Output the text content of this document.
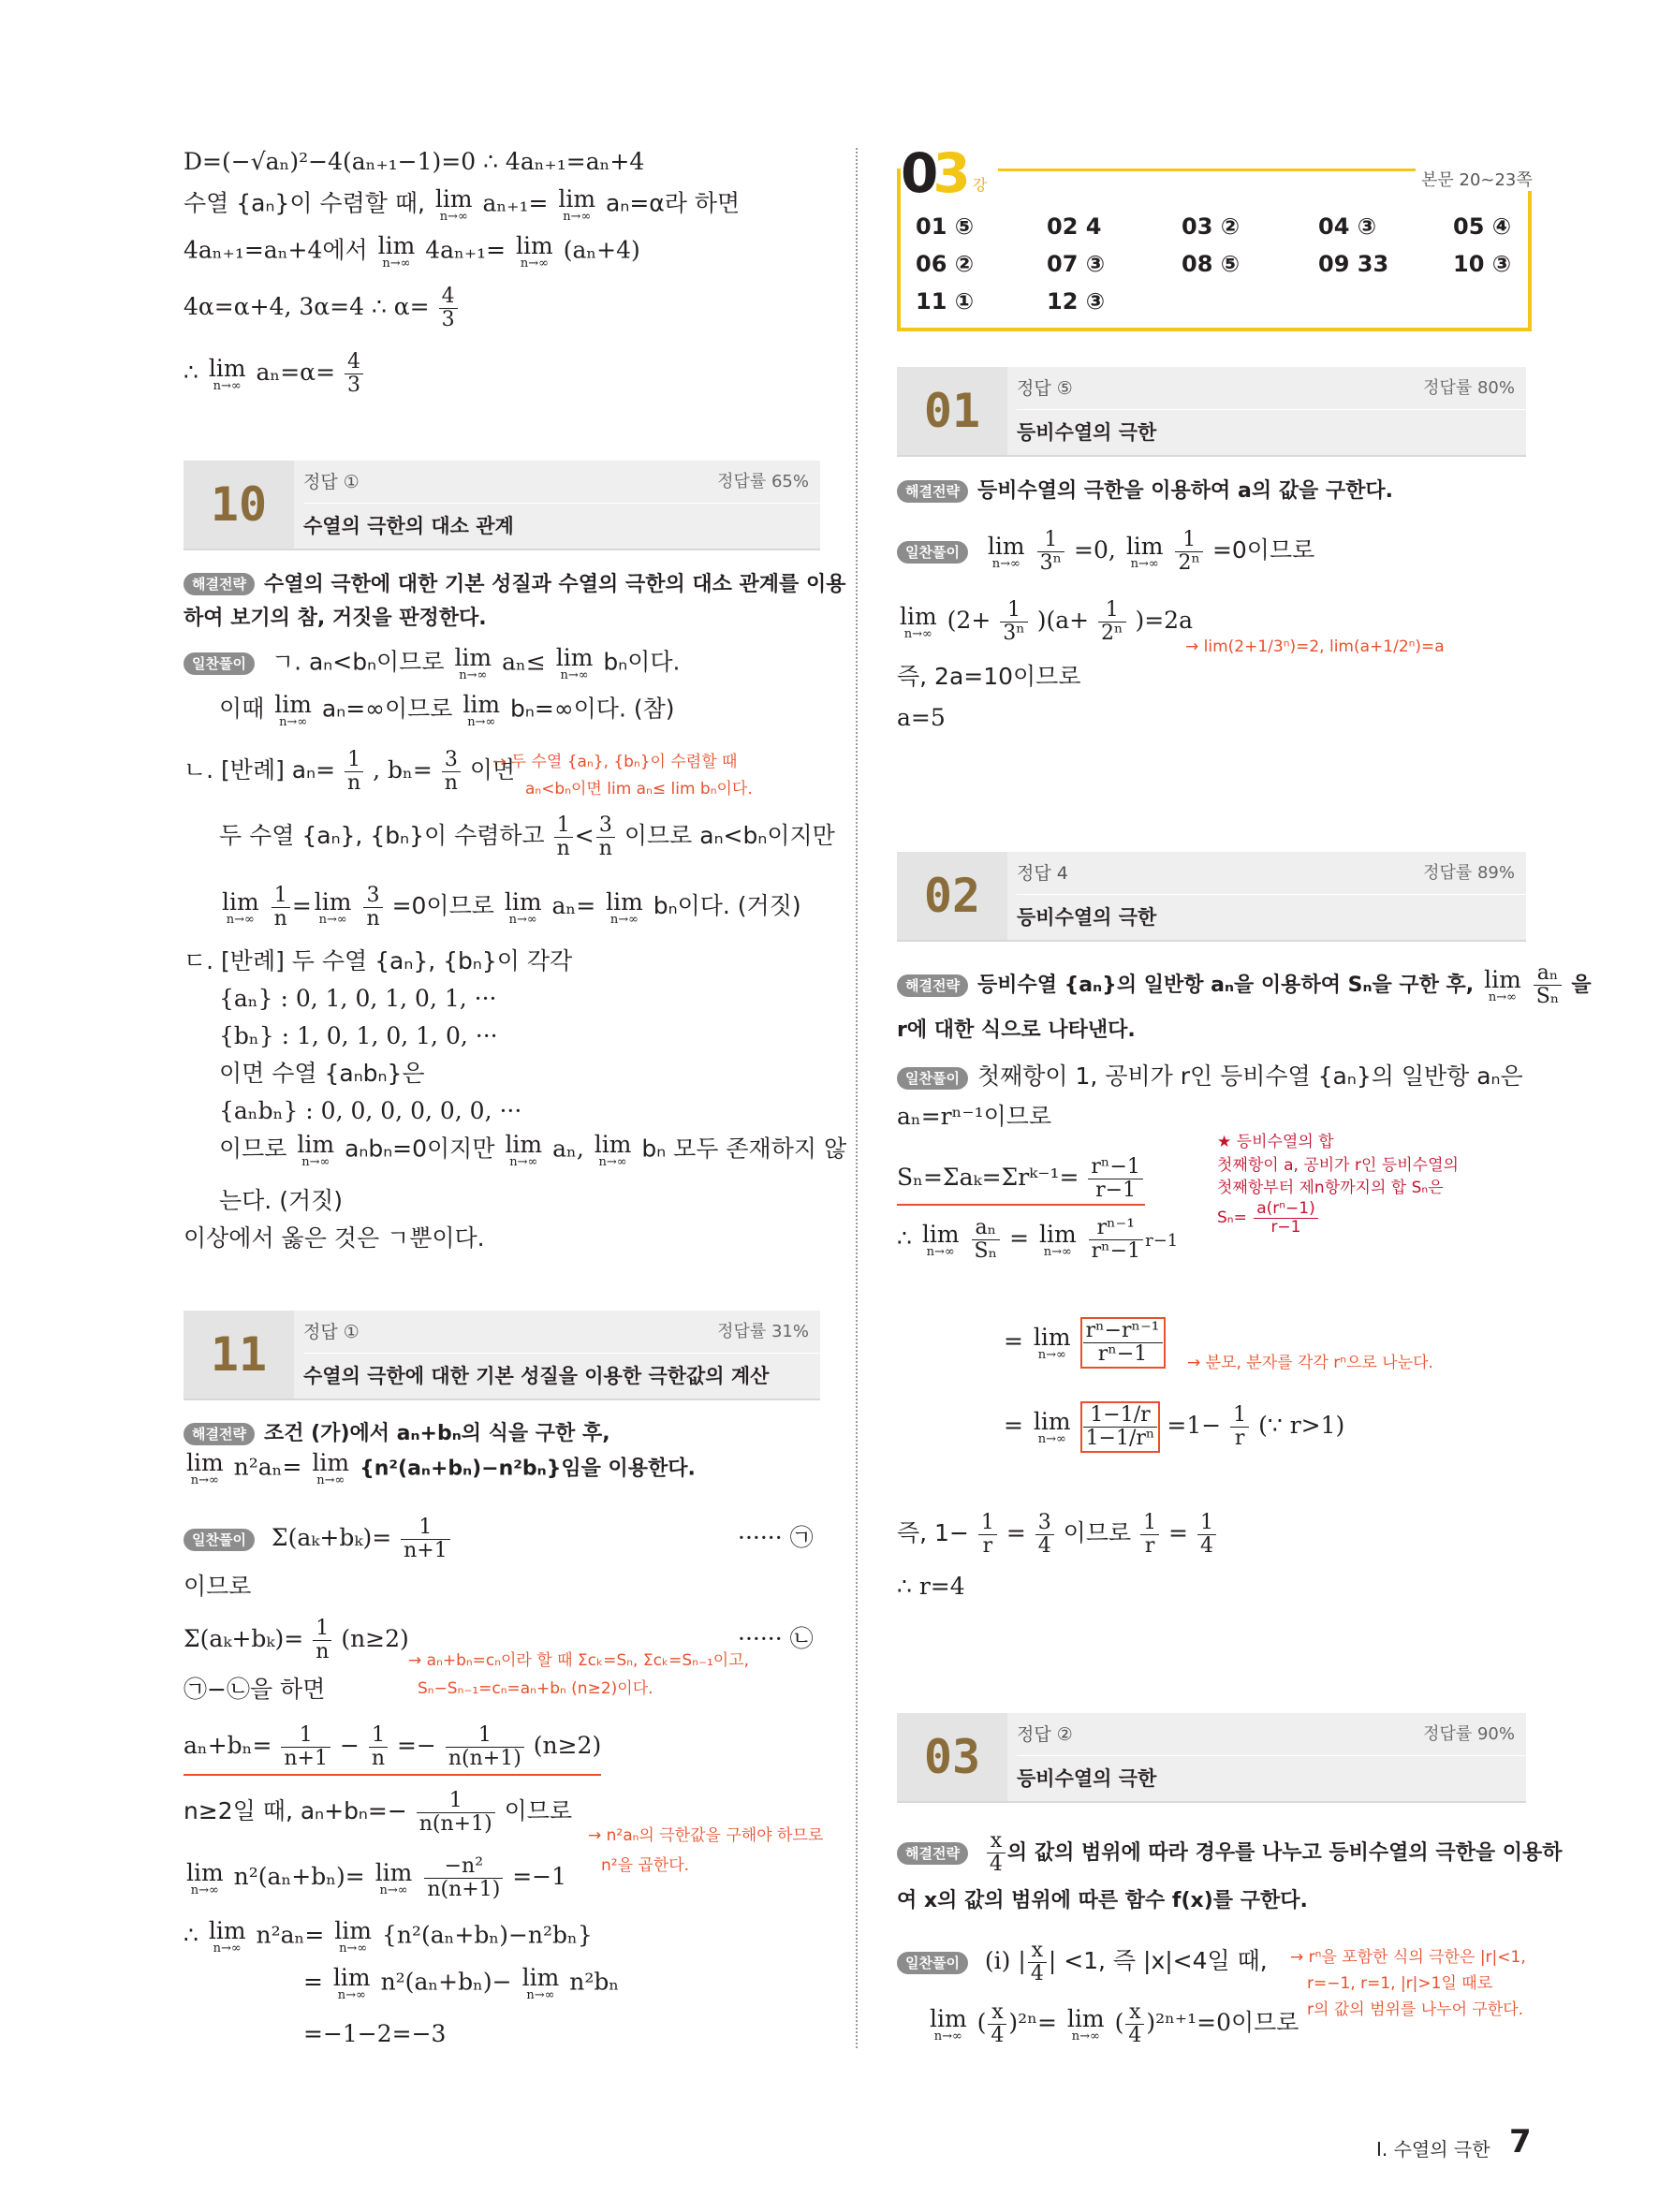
D=(−√aₙ)²−4(aₙ₊₁−1)=0 ∴ 4aₙ₊₁=aₙ+4
수열 {aₙ}이 수렴할 때, lim
n→∞ aₙ₊₁= lim
n→∞ aₙ=α라 하면
4aₙ₊₁=aₙ+4에서 lim
n→∞ 4aₙ₊₁= lim
n→∞ (aₙ+4)
4α=α+4, 3α=4 ∴ $\alpha= \frac{4}{3}$
∴ lim
n→∞ $a_n=\alpha= \frac{4}{3}$
10	정답 ①	정답률 65%
수열의 극한의 대소 관계
해결전략 수열의 극한에 대한 기본 성질과 수열의 극한의 대소 관계를 이용
하여 보기의 참, 거짓을 판정한다.
일찬풀이 ㄱ. aₙ<bₙ이므로 lim
n→∞ aₙ≤ lim
n→∞ bₙ이다.
이때 lim
n→∞ aₙ=∞이므로 lim
n→∞ bₙ=∞이다. (참)
ㄴ. [반례] $a_n= \frac{1}{n}$ , $b_n= \frac{3}{n}$ 이면
→ 두 수열 {aₙ}, {bₙ}이 수렴할 때
aₙ<bₙ이면 lim aₙ≤ lim bₙ이다.
두 수열 {aₙ}, {bₙ}이 수렴하고 $\frac{1}{n} < \frac{3}{n}$ 이므로 aₙ<bₙ이지만
lim
n→∞
$\frac{1}{n} = \lim$
n→∞
$\frac{3}{n} =0$이므로 lim
n→∞ aₙ= lim
n→∞ bₙ이다. (거짓)
ㄷ. [반례] 두 수열 {aₙ}, {bₙ}이 각각
{aₙ} : 0, 1, 0, 1, 0, 1, ···
{bₙ} : 1, 0, 1, 0, 1, 0, ···
이면 수열 {aₙbₙ}은
{aₙbₙ} : 0, 0, 0, 0, 0, 0, ···
이므로 lim
n→∞ aₙbₙ=0이지만 lim
n→∞ aₙ, lim
n→∞ bₙ 모두 존재하지 않
는다. (거짓)
이상에서 옳은 것은 ㄱ뿐이다.
11	정답 ①	정답률 31%
수열의 극한에 대한 기본 성질을 이용한 극한값의 계산
해결전략 조건 (가)에서 aₙ+bₙ의 식을 구한 후,
lim
n→∞ n²aₙ= lim
n→∞ {n²(aₙ+bₙ)−n²bₙ}임을 이용한다.
일찬풀이 $\Sigma(a_k+b_k)= \frac{1}{n+1}$	······ ㉠
이므로
$\Sigma(a_k+b_k)= \frac{1}{n} (n\ge 2)$	······ ㉡
→ aₙ+bₙ=cₙ이라 할 때 Σcₖ=Sₙ, Σcₖ=Sₙ₋₁이고,
㉠−㉡을 하면	Sₙ−Sₙ₋₁=cₙ=aₙ+bₙ (n≥2)이다.
$a_n+b_n= \frac{1}{n+1} - \frac{1}{n} =- \frac{1}{n(n+1)} (n\ge 2)$
n≥2일 때, $a_n+b_n=- \frac{1}{n(n+1)}$ 이므로
→ n²aₙ의 극한값을 구해야 하므로
n²을 곱한다.
lim
n→∞ n²(aₙ+bₙ)= lim
n→∞
$\frac{\text{−n²}}{n(n+1)} =-1$
∴ lim
n→∞ n²aₙ= lim
n→∞ {n²(aₙ+bₙ)−n²bₙ}
= lim
n→∞ n²(aₙ+bₙ)− lim
n→∞ n²bₙ
=−1−2=−3
0
3 강	본문 20~23쪽
01 ⑤	02 4	03 ②	04 ③	05 ④
06 ②	07 ③	08 ⑤	09 33	10 ③
11 ①	12 ③
01	정답 ⑤	정답률 80%
등비수열의 극한
해결전략 등비수열의 극한을 이용하여 a의 값을 구한다.
일찬풀이 lim
n→∞
$\frac{1}{\text{3ⁿ}} =0$, lim
n→∞
$\frac{1}{\text{2ⁿ}} =0$이므로
lim
n→∞ $(2+ \frac{1}{\text{3ⁿ}} )(a+ \frac{1}{\text{2ⁿ}} )=2a$
→ lim(2+1/3ⁿ)=2, lim(a+1/2ⁿ)=a
즉, 2a=10이므로
a=5
02	정답 4	정답률 89%
등비수열의 극한
해결전략 등비수열 {aₙ}의 일반항 aₙ을 이용하여 Sₙ을 구한 후, lim
n→∞
$\frac{\text{aₙ}}{\text{Sₙ}}$ 을
r에 대한 식으로 나타낸다.
일찬풀이 첫째항이 1, 공비가 r인 등비수열 {aₙ}의 일반항 aₙ은
aₙ=rⁿ⁻¹이므로
Sₙ=Σaₖ=Σrᵏ⁻¹= $\frac{\text{rⁿ−1}}{r-1}$
★ 등비수열의 합
첫째항이 a, 공비가 r인 등비수열의
첫째항부터 제n항까지의 합 Sₙ은
$S_n= \frac{\text{a(rⁿ−1)}}{r-1}$
∴ lim
n→∞
$\frac{\text{aₙ}}{\text{Sₙ}} = \lim$
n→∞
$\frac{\text{rⁿ⁻¹}}{\text{rⁿ−1}} r-1$
= lim
n→∞
$\frac{\text{rⁿ−rⁿ⁻¹}}{\text{rⁿ−1}}$ → 분모, 분자를 각각 rⁿ으로 나눈다.
= lim
n→∞
$\frac{1-1/r}{\text{1−1/rⁿ}} =1- \frac{1}{r}$ (∵ r>1)
즉, $1- \frac{1}{r} = \frac{3}{4}$ 이므로 $\frac{1}{r} = \frac{1}{4}$
∴ r=4
03	정답 ②	정답률 90%
등비수열의 극한
해결전략 $\frac{x}{4}$ 의 값의 범위에 따라 경우를 나누고 등비수열의 극한을 이용하
여 x의 값의 범위에 따른 함수 f(x)를 구한다.
일찬풀이 (i) | $\frac{x}{4}$ | <1, 즉 |x|<4일 때, → rⁿ을 포함한 식의 극한은 |r|<1,
r=−1, r=1, |r|>1일 때로
r의 값의 범위를 나누어 구한다.
lim
n→∞ ( $\frac{x}{4} )^{2n}= \lim$
n→∞ ( $\frac{x}{4} )^{2n+1}=0$이므로
Ⅰ. 수열의 극한 7
